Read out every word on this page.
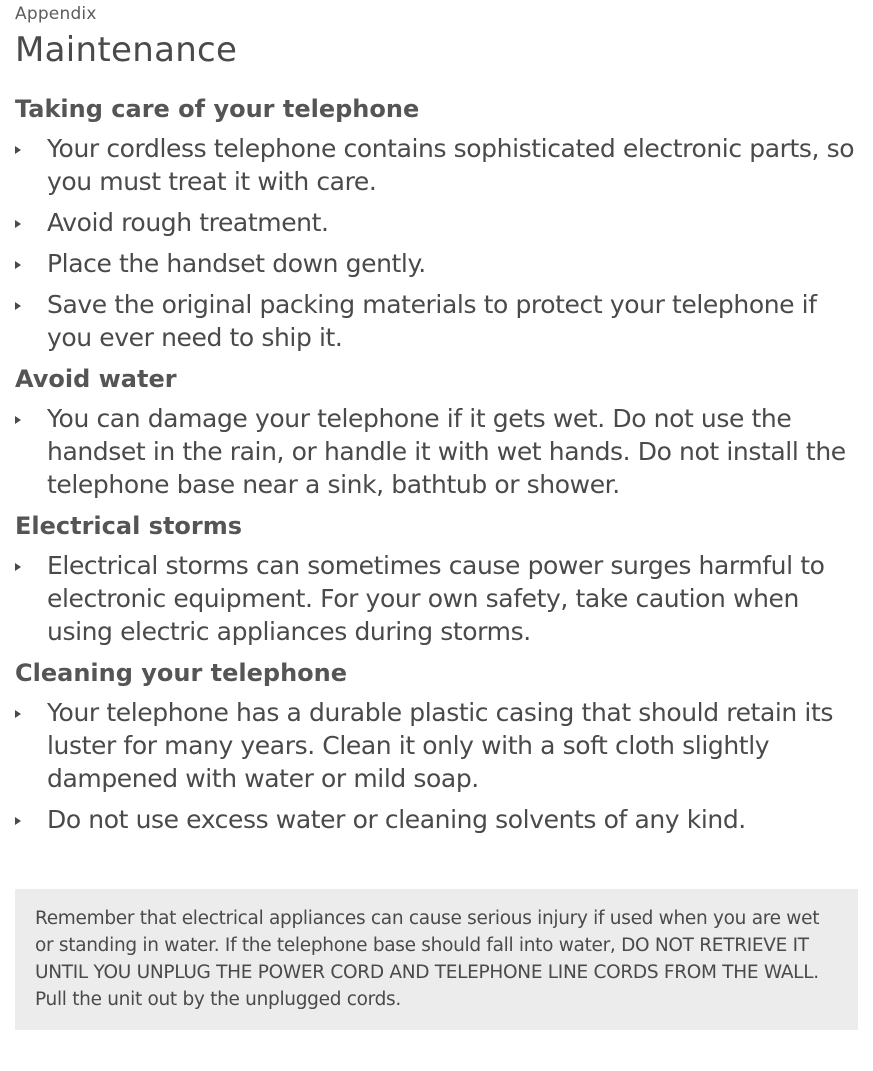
Appendix
Maintenance
Taking care of your telephone
Your cordless telephone contains sophisticated electronic parts, so you must treat it with care.
Avoid rough treatment.
Place the handset down gently.
Save the original packing materials to protect your telephone if you ever need to ship it.
Avoid water
You can damage your telephone if it gets wet. Do not use the handset in the rain, or handle it with wet hands. Do not install the telephone base near a sink, bathtub or shower.
Electrical storms
Electrical storms can sometimes cause power surges harmful to electronic equipment. For your own safety, take caution when using electric appliances during storms.
Cleaning your telephone
Your telephone has a durable plastic casing that should retain its luster for many years. Clean it only with a soft cloth slightly dampened with water or mild soap.
Do not use excess water or cleaning solvents of any kind.
Remember that electrical appliances can cause serious injury if used when you are wet or standing in water. If the telephone base should fall into water, DO NOT RETRIEVE IT UNTIL YOU UNPLUG THE POWER CORD AND TELEPHONE LINE CORDS FROM THE WALL. Pull the unit out by the unplugged cords.
